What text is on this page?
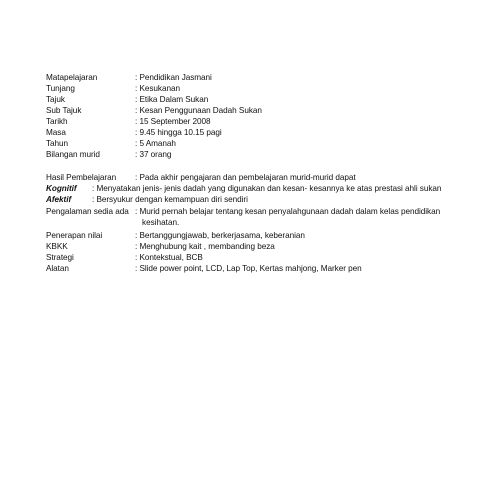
Matapelajaran	: Pendidikan Jasmani
Tunjang	: Kesukanan
Tajuk	: Etika Dalam Sukan
Sub Tajuk	: Kesan Penggunaan Dadah Sukan
Tarikh	: 15 September 2008
Masa	: 9.45 hingga 10.15 pagi
Tahun	: 5 Amanah
Bilangan murid	: 37 orang
Hasil Pembelajaran : Pada akhir pengajaran dan pembelajaran murid-murid dapat
Kognitif : Menyatakan jenis- jenis dadah yang digunakan dan kesan- kesannya ke atas prestasi ahli sukan
Afektif	: Bersyukur dengan kemampuan diri sendiri
Pengalaman sedia ada : Murid pernah belajar tentang kesan penyalahgunaan dadah dalam kelas pendidikan
kesihatan.
Penerapan nilai	: Bertanggungjawab, berkerjasama, keberanian
KBKK	: Menghubung kait , membanding beza
Strategi	: Kontekstual, BCB
Alatan	: Slide power point, LCD, Lap Top, Kertas mahjong, Marker pen
